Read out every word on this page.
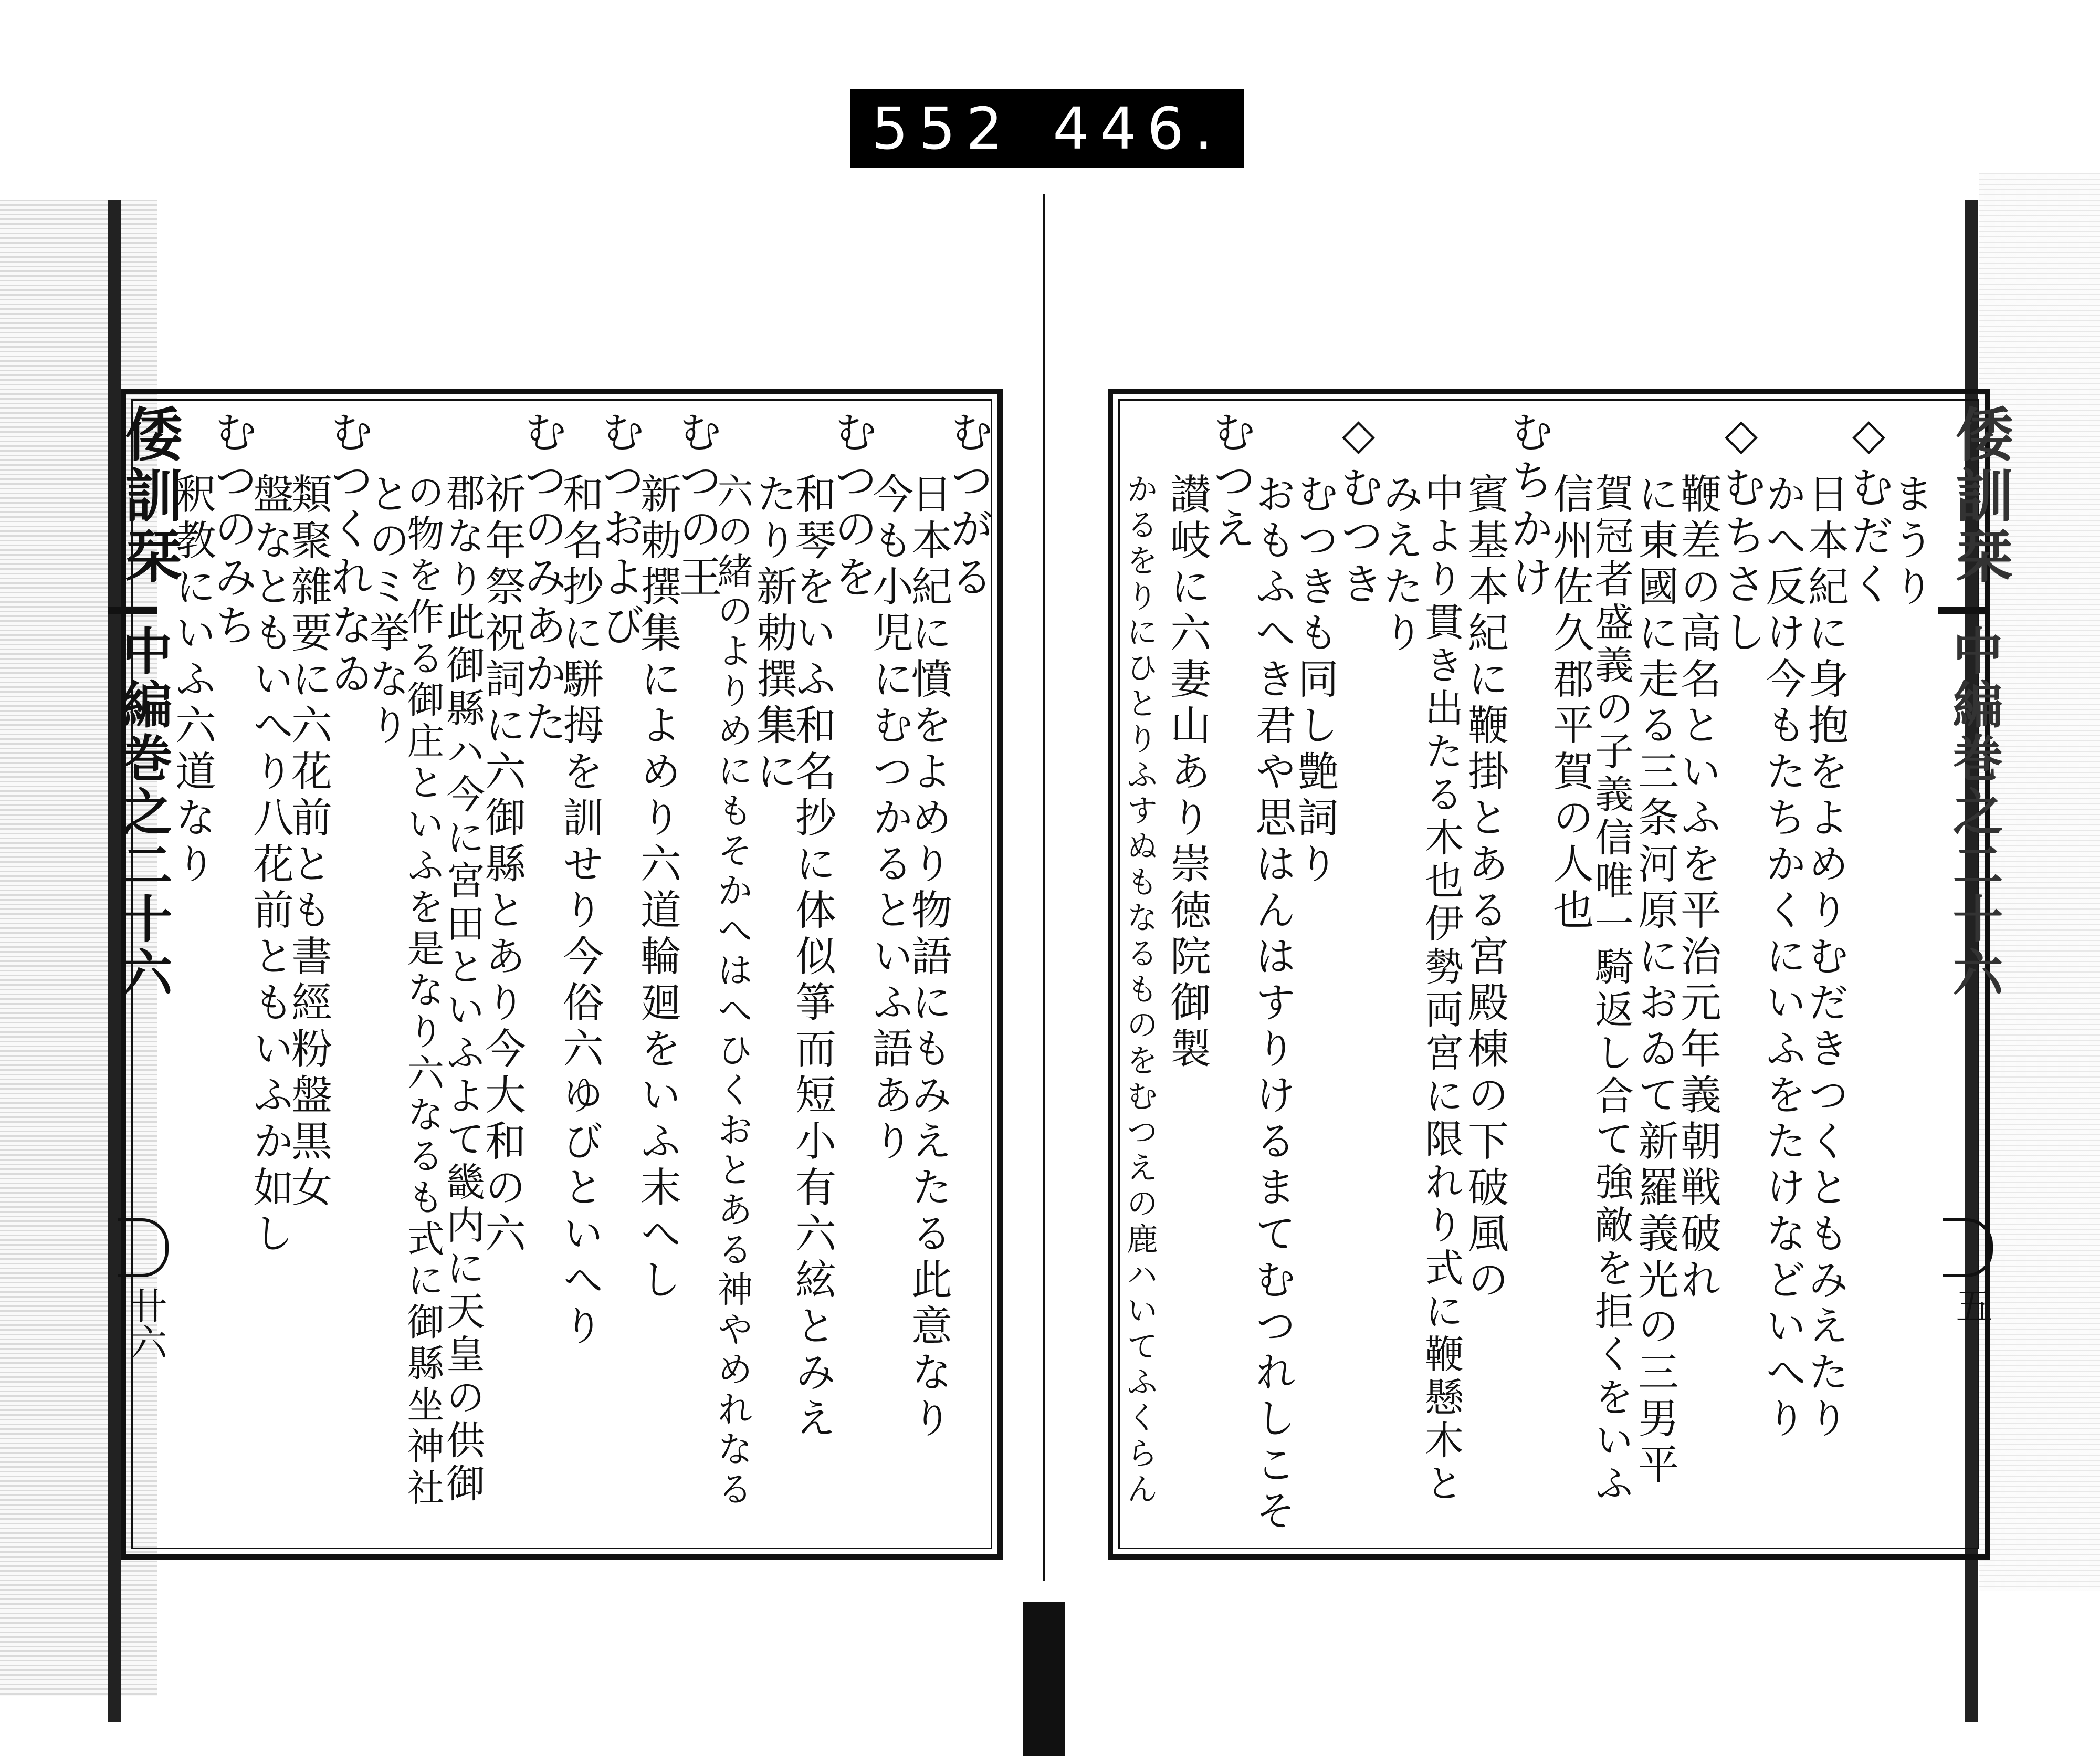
552 446.
むつがる
日本紀に憤をよめり物語にもみえたる此意なり
今も小児にむつかるといふ語あり
むつのを
和琴をいふ和名抄に体似箏而短小有六絃とみえ
たり新勅撰集に
六の緒のよりめにもそかへはへひくおとある神やめれなる
むつの王
新勅撰集によめり六道輪廻をいふ末へし
むつおよび
和名抄に駢拇を訓せり今俗六ゆびといへり
むつのみあかた
祈年祭祝詞に六御縣とあり今大和の六
郡なり此御縣ハ今に宮田といふよて畿内に天皇の供御
の物を作る御庄といふを是なり六なるも式に御縣坐神社
とのミ挙なり
むつくれなゐ
類聚雜要に六花前とも書經粉盤黒女
盤なともいへり八花前ともいふか如し
むつのみち
釈教にいふ六道なり
倭訓栞
中編巻之二十六
卄六
まうり
◇むだく
日本紀に身抱をよめりむだきつくともみえたり
かへ反け今もたちかくにいふをたけなどいへり
◇むちさし
鞭差の高名といふを平治元年義朝戦破れ
に東國に走る三条河原におゐて新羅義光の三男平
賀冠者盛義の子義信唯一騎返し合て強敵を拒くをいふ
信州佐久郡平賀の人也
むちかけ
賓基本紀に鞭掛とある宮殿棟の下破風の
中より貫き出たる木也伊勢両宮に限れり式に鞭懸木と
みえたり
◇むつき
むつきも同し艶詞り
おもふへき君や思はんはすりけるまてむつれしこそ
むつえ
讃岐に六妻山あり崇徳院御製
かるをりにひとりふすぬもなるものをむつえの鹿ハいてふくらん	倭訓栞
中編巻之二十六
五
